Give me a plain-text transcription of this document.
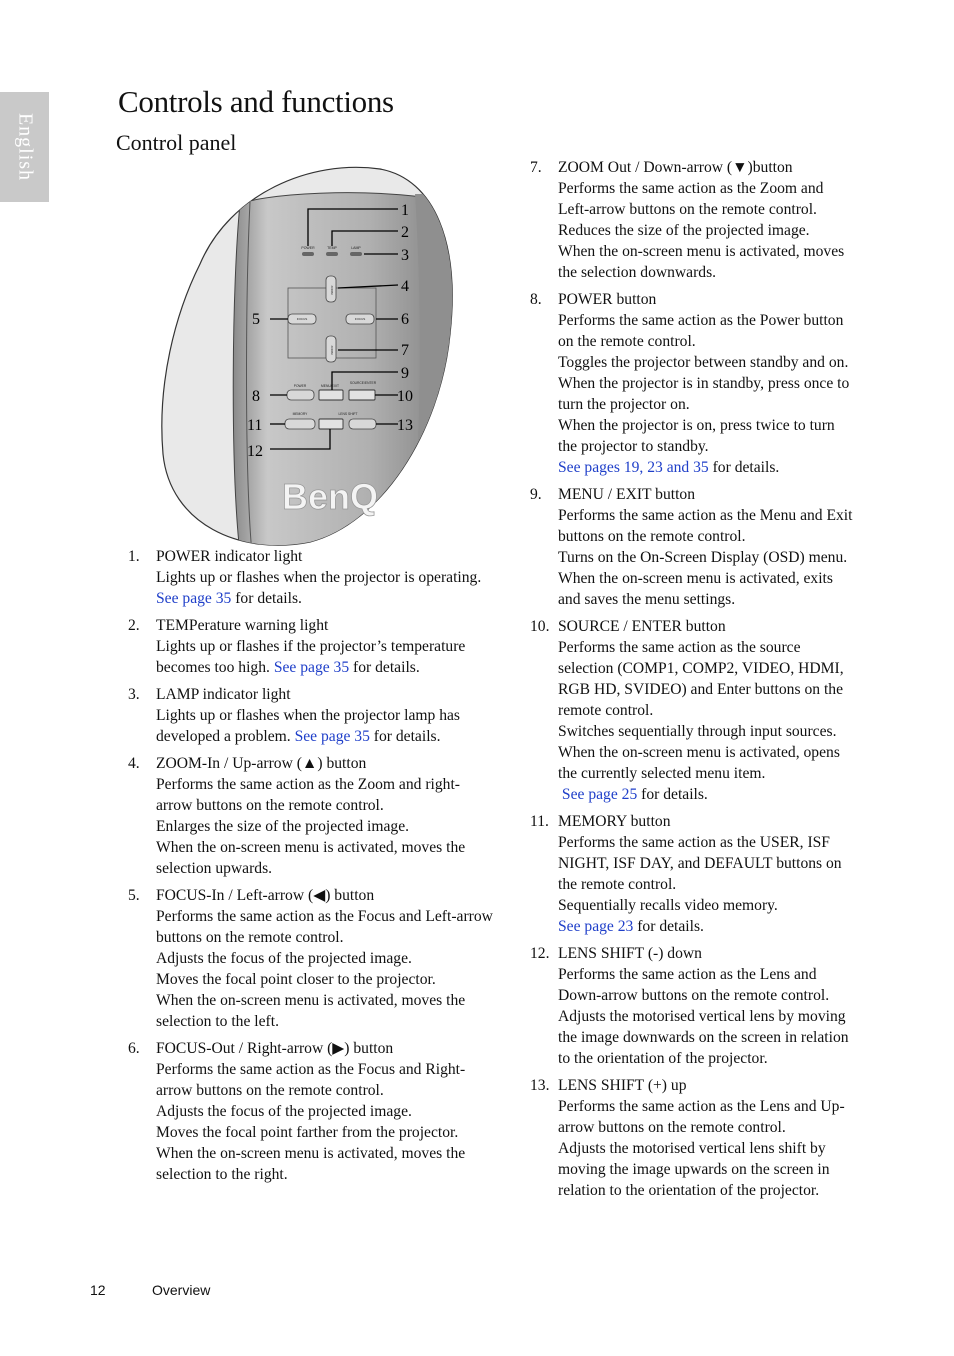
English
Controls and functions
Control panel
POWER	TEMP	LAMP
ZOOM
ZOOM
FOCUS	FOCUS
POWER	MENU/EXIT
SOURCE/ENTER
MEMORY	LENS SHIFT
BenQ
1
2
3
4
5	6
7
8
9
10
11
12
13
1.	POWER indicator light
Lights up or flashes when the projector is operating.
See page 35 for details.
2.	TEMPerature warning light
Lights up or flashes if the projector’s temperature
becomes too high. See page 35 for details.
3.	LAMP indicator light
Lights up or flashes when the projector lamp has
developed a problem. See page 35 for details.
4.	ZOOM-In / Up-arrow (▲) button
Performs the same action as the Zoom and right-
arrow buttons on the remote control.
Enlarges the size of the projected image.
When the on-screen menu is activated, moves the
selection upwards.
5.	FOCUS-In / Left-arrow (◀) button
Performs the same action as the Focus and Left-arrow
buttons on the remote control.
Adjusts the focus of the projected image.
Moves the focal point closer to the projector.
When the on-screen menu is activated, moves the
selection to the left.
6.	FOCUS-Out / Right-arrow (▶) button
Performs the same action as the Focus and Right-
arrow buttons on the remote control.
Adjusts the focus of the projected image.
Moves the focal point farther from the projector.
When the on-screen menu is activated, moves the
selection to the right.
7.	ZOOM Out / Down-arrow (▼)button
Performs the same action as the Zoom and
Left-arrow buttons on the remote control.
Reduces the size of the projected image.
When the on-screen menu is activated, moves
the selection downwards.
8.	POWER button
Performs the same action as the Power button
on the remote control.
Toggles the projector between standby and on.
When the projector is in standby, press once to
turn the projector on.
When the projector is on, press twice to turn
the projector to standby.
See pages 19, 23 and 35 for details.
9.	MENU / EXIT button
Performs the same action as the Menu and Exit
buttons on the remote control.
Turns on the On-Screen Display (OSD) menu.
When the on-screen menu is activated, exits
and saves the menu settings.
10. SOURCE / ENTER button
Performs the same action as the source
selection (COMP1, COMP2, VIDEO, HDMI,
RGB HD, SVIDEO) and Enter buttons on the
remote control.
Switches sequentially through input sources.
When the on-screen menu is activated, opens
the currently selected menu item.
See page 25 for details.
11. MEMORY button
Performs the same action as the USER, ISF
NIGHT, ISF DAY, and DEFAULT buttons on
the remote control.
Sequentially recalls video memory.
See page 23 for details.
12. LENS SHIFT (-) down
Performs the same action as the Lens and
Down-arrow buttons on the remote control.
Adjusts the motorised vertical lens by moving
the image downwards on the screen in relation
to the orientation of the projector.
13. LENS SHIFT (+) up
Performs the same action as the Lens and Up-
arrow buttons on the remote control.
Adjusts the motorised vertical lens shift by
moving the image upwards on the screen in
relation to the orientation of the projector.
12	Overview
